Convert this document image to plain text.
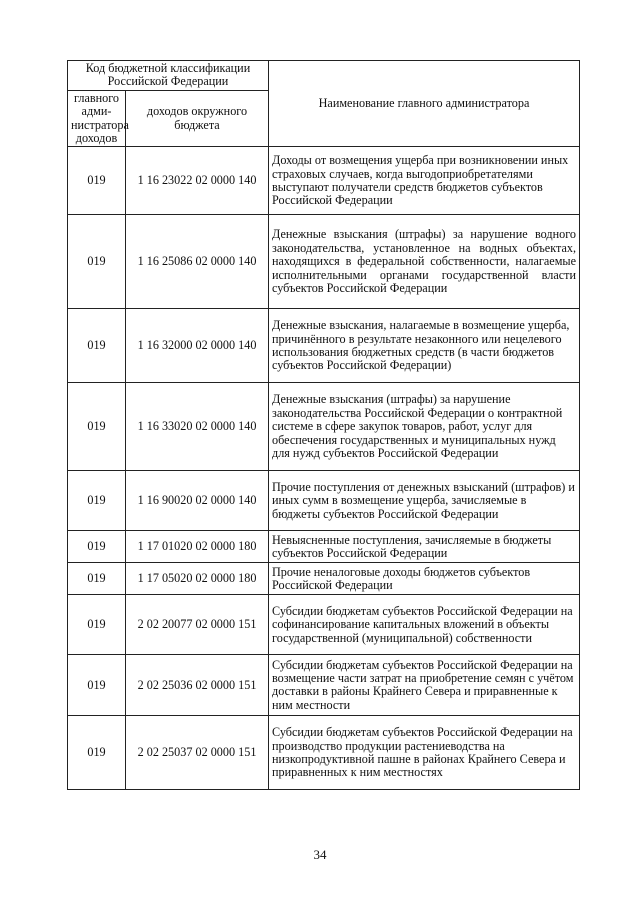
Код бюджетной классификации Российской Федерации		Наименование главного администратора
главного адми-нистратора доходов	доходов окружного бюджета	
019	1 16 23022 02 0000 140	Доходы от возмещения ущерба при возникновении иных страховых случаев, когда выгодоприобретателями выступают получатели средств бюджетов субъектов Российской Федерации
019	1 16 25086 02 0000 140	Денежные взыскания (штрафы) за нарушение водного законодательства, установленное на водных объектах, находящихся в федеральной собственности, налагаемые исполнительными органами государственной власти субъектов Российской Федерации
019	1 16 32000 02 0000 140	Денежные взыскания, налагаемые в возмещение ущерба, причинённого в результате незаконного или нецелевого использования бюджетных средств (в части бюджетов субъектов Российской Федерации)
019	1 16 33020 02 0000 140	Денежные взыскания (штрафы) за нарушение законодательства Российской Федерации о контрактной системе в сфере закупок товаров, работ, услуг для обеспечения государственных и муниципальных нужд для нужд субъектов Российской Федерации
019	1 16 90020 02 0000 140	Прочие поступления от денежных взысканий (штрафов) и иных сумм в возмещение ущерба, зачисляемые в бюджеты субъектов Российской Федерации
019	1 17 01020 02 0000 180	Невыясненные поступления, зачисляемые в бюджеты субъектов Российской Федерации
019	1 17 05020 02 0000 180	Прочие неналоговые доходы бюджетов субъектов Российской Федерации
019	2 02 20077 02 0000 151	Субсидии бюджетам субъектов Российской Федерации на софинансирование капитальных вложений в объекты государственной (муниципальной) собственности
019	2 02 25036 02 0000 151	Субсидии бюджетам субъектов Российской Федерации на возмещение части затрат на приобретение семян с учётом доставки в районы Крайнего Севера и приравненные к ним местности
019	2 02 25037 02 0000 151	Субсидии бюджетам субъектов Российской Федерации на производство продукции растениеводства на низкопродуктивной пашне в районах Крайнего Севера и приравненных к ним местностях
34
